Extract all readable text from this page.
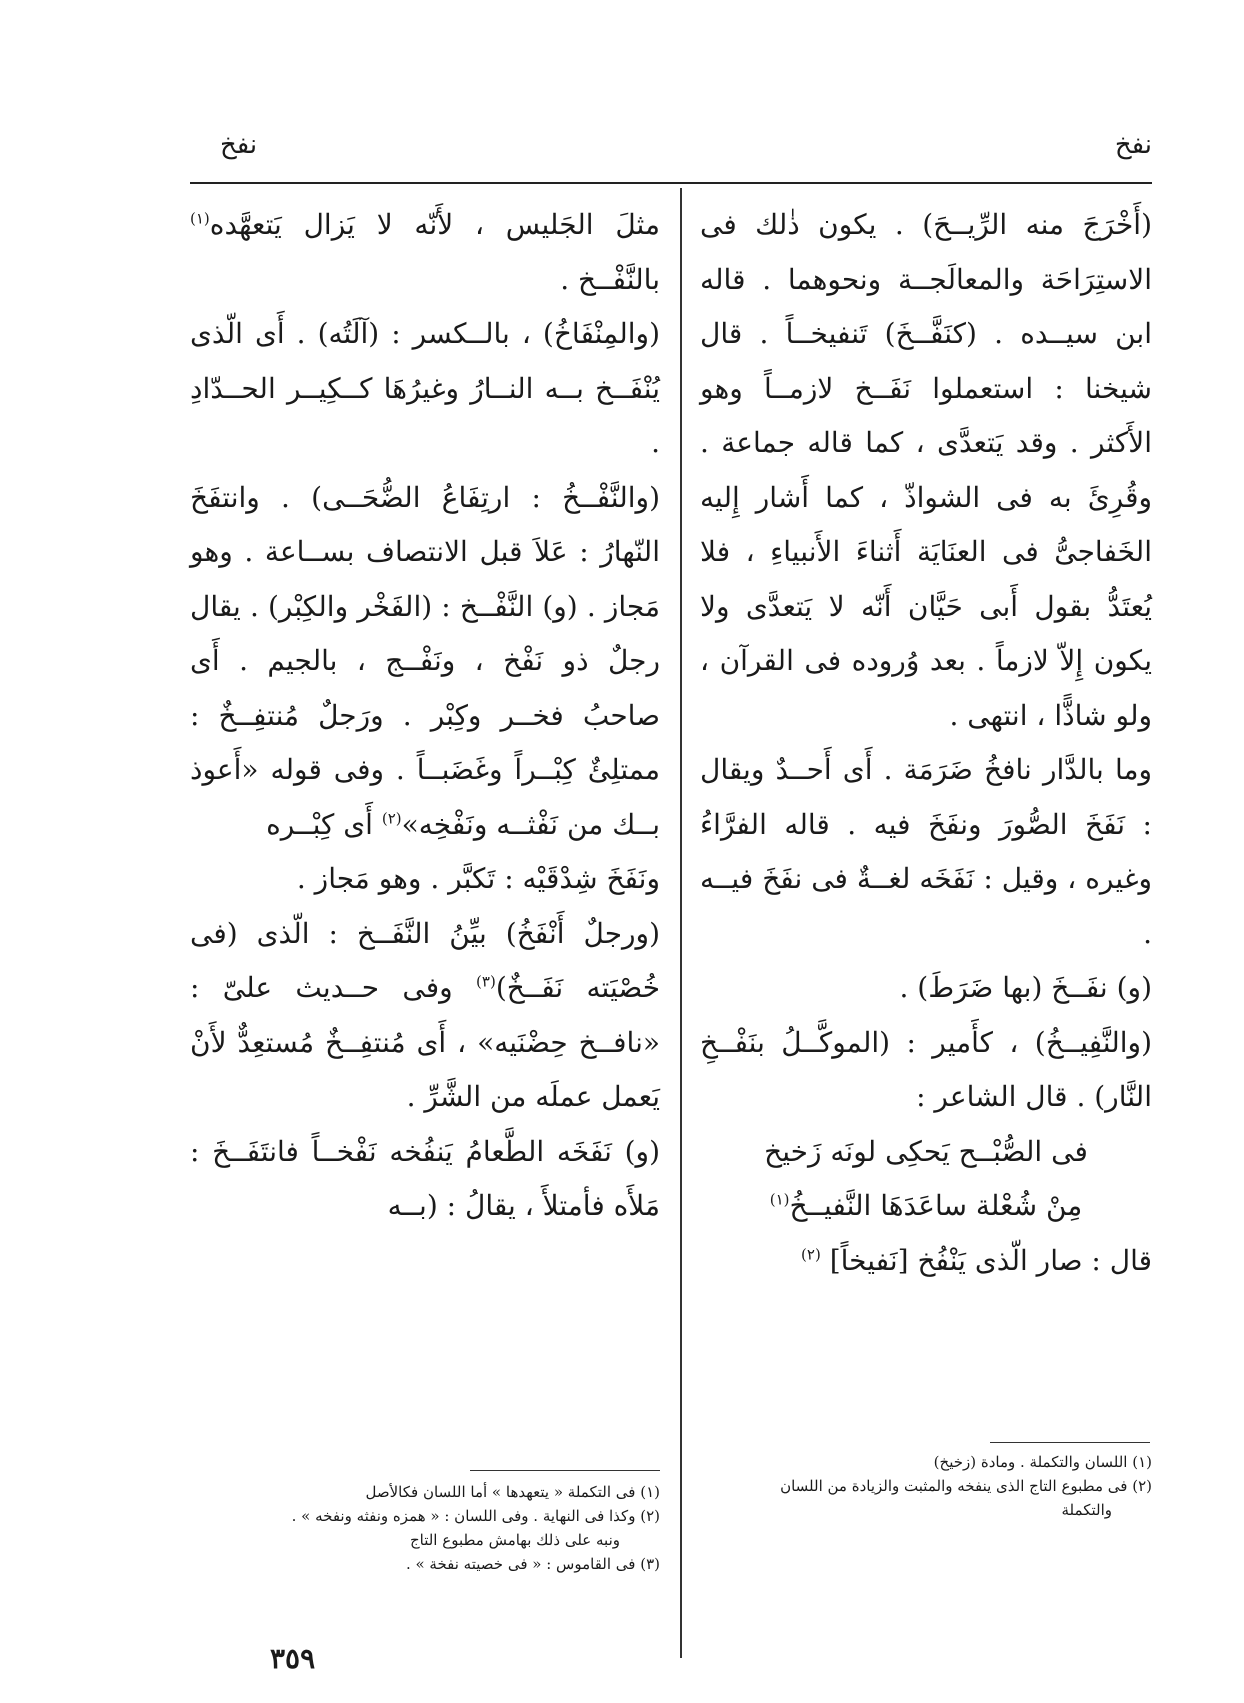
نفخ
نفخ

(أَخْرَجَ منه الرِّيــحَ) . يكون ذٰلك فى الاستِرَاحَة والمعالَجــة ونحوهما . قاله ابن سيــده . (كنَفَّــخَ) تَنفيخــاً . قال شيخنا : استعملوا نَفَــخ لازمــاً وهو الأَكثر . وقد يَتعدَّى ، كما قاله جماعة . وقُرِئَ به فى الشواذّ ، كما أَشار إِليه الخَفاجىُّ فى العنَايَة أَثناءَ الأَنبياءِ ، فلا يُعتَدُّ بقول أَبى حَيَّان أَنّه لا يَتعدَّى ولا يكون إِلاّ لازماً . بعد وُروده فى القرآن ، ولو شاذًّا ، انتهى .

وما بالدَّار نافخُ ضَرَمَة . أَى أَحــدٌ ويقال : نَفَخَ الصُّورَ ونفَخَ فيه . قاله الفرَّاءُ وغيره ، وقيل : نَفَخَه لغــةٌ فى نفَخَ فيــه .

(و) نفَــخَ (بها ضَرَطَ) .

(والنَّفِيــخُ) ، كأَمير : (الموكَّــلُ بنَفْــخِ النَّار) . قال الشاعر :

فى الصُّبْــح يَحكِى لونَه زَخيخ

مِنْ شُعْلة ساعَدَهَا النَّفيــخُ$^{(١)}$

قال : صار الّذى يَنْفُخ [نَفيخاً] $^{(٢)}$

مثلَ الجَليس ، لأَنّه لا يَزال يَتعهَّده$^{(١)}$ بالنَّفْــخ .

(والمِنْفَاخُ) ، بالــكسر : (آلَتُه) . أَى الّذى يُنْفَــخ بــه النــارُ وغيرُهَا كــكِيــر الحــدّادِ .

(والنَّفْــخُ : ارتِفَاعُ الضُّحَــى) . وانتفَخَ النّهارُ : عَلاَ قبل الانتصاف بســاعة . وهو مَجاز . (و) النَّفْــخ : (الفَخْر والكِبْر) . يقال رجلٌ ذو نَفْخ ، ونَفْــج ، بالجيم . أَى صاحبُ فخــر وكِبْر . ورَجلٌ مُنتفِــخٌ : ممتلِئٌ كِبْــراً وغَضَبــاً . وفى قوله «أَعوذ بــك من نَفْثــه ونَفْخِه»$^{(٢)}$ أَى كِبْــره

ونَفَخَ شِدْقَيْه : تَكبَّر . وهو مَجاز .

(ورجلٌ أَنْفَخُ) بيِّنُ النَّفَــخ : الّذى (فى خُصْيَته نَفَــخٌ)$^{(٣)}$ وفى حــديث علىّ : «نافــخ حِضْنَيه» ، أَى مُنتفِــخٌ مُستعِدٌّ لأَنْ يَعمل عملَه من الشَّرِّ .

(و) نَفَخَه الطَّعامُ يَنفُخه نَفْخــاً فانتَفَــخَ : مَلأَه فأمتلأَ ، يقالُ : (بــه

(١) اللسان والتكملة . ومادة (زخيخ)

(٢) فى مطبوع التاج الذى ينفخه والمثبت والزيادة من اللسان

والتكملة

(١) فى التكملة « يتعهدها » أما اللسان فكالأصل

(٢) وكذا فى النهاية . وفى اللسان : « همزه ونفثه ونفخه » .

ونبه على ذلك بهامش مطبوع التاج

(٣) فى القاموس : « فى خصيته نفخة » .

٣٥٩
